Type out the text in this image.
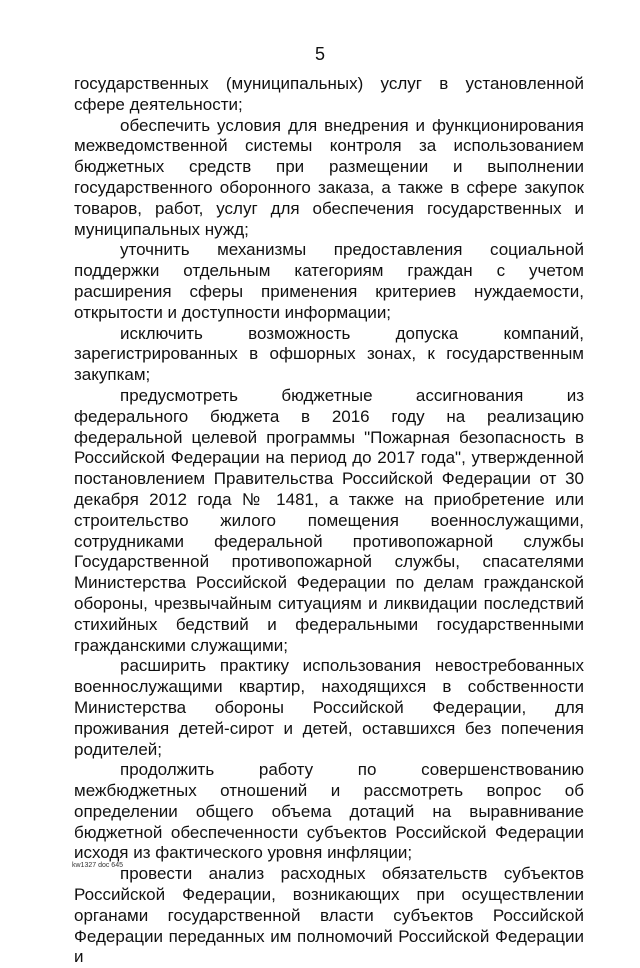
5

государственных (муниципальных) услуг в установленной сфере деятельности;

обеспечить условия для внедрения и функционирования межведомственной системы контроля за использованием бюджетных средств при размещении и выполнении государственного оборонного заказа, а также в сфере закупок товаров, работ, услуг для обеспечения государственных и муниципальных нужд;

уточнить механизмы предоставления социальной поддержки отдельным категориям граждан с учетом расширения сферы применения критериев нуждаемости, открытости и доступности информации;

исключить возможность допуска компаний, зарегистрированных в офшорных зонах, к государственным закупкам;

предусмотреть бюджетные ассигнования из федерального бюджета в 2016 году на реализацию федеральной целевой программы "Пожарная безопасность в Российской Федерации на период до 2017 года", утвержденной постановлением Правительства Российской Федерации от 30 декабря 2012 года № 1481, а также на приобретение или строительство жилого помещения военнослужащими, сотрудниками федеральной противопожарной службы Государственной противопожарной службы, спасателями Министерства Российской Федерации по делам гражданской обороны, чрезвычайным ситуациям и ликвидации последствий стихийных бедствий и федеральными государственными гражданскими служащими;

расширить практику использования невостребованных военнослужащими квартир, находящихся в собственности Министерства обороны Российской Федерации, для проживания детей-сирот и детей, оставшихся без попечения родителей;

продолжить работу по совершенствованию межбюджетных отношений и рассмотреть вопрос об определении общего объема дотаций на выравнивание бюджетной обеспеченности субъектов Российской Федерации исходя из фактического уровня инфляции;

провести анализ расходных обязательств субъектов Российской Федерации, возникающих при осуществлении органами государственной власти субъектов Российской Федерации переданных им полномочий Российской Федерации и

kw1327 doc 645
